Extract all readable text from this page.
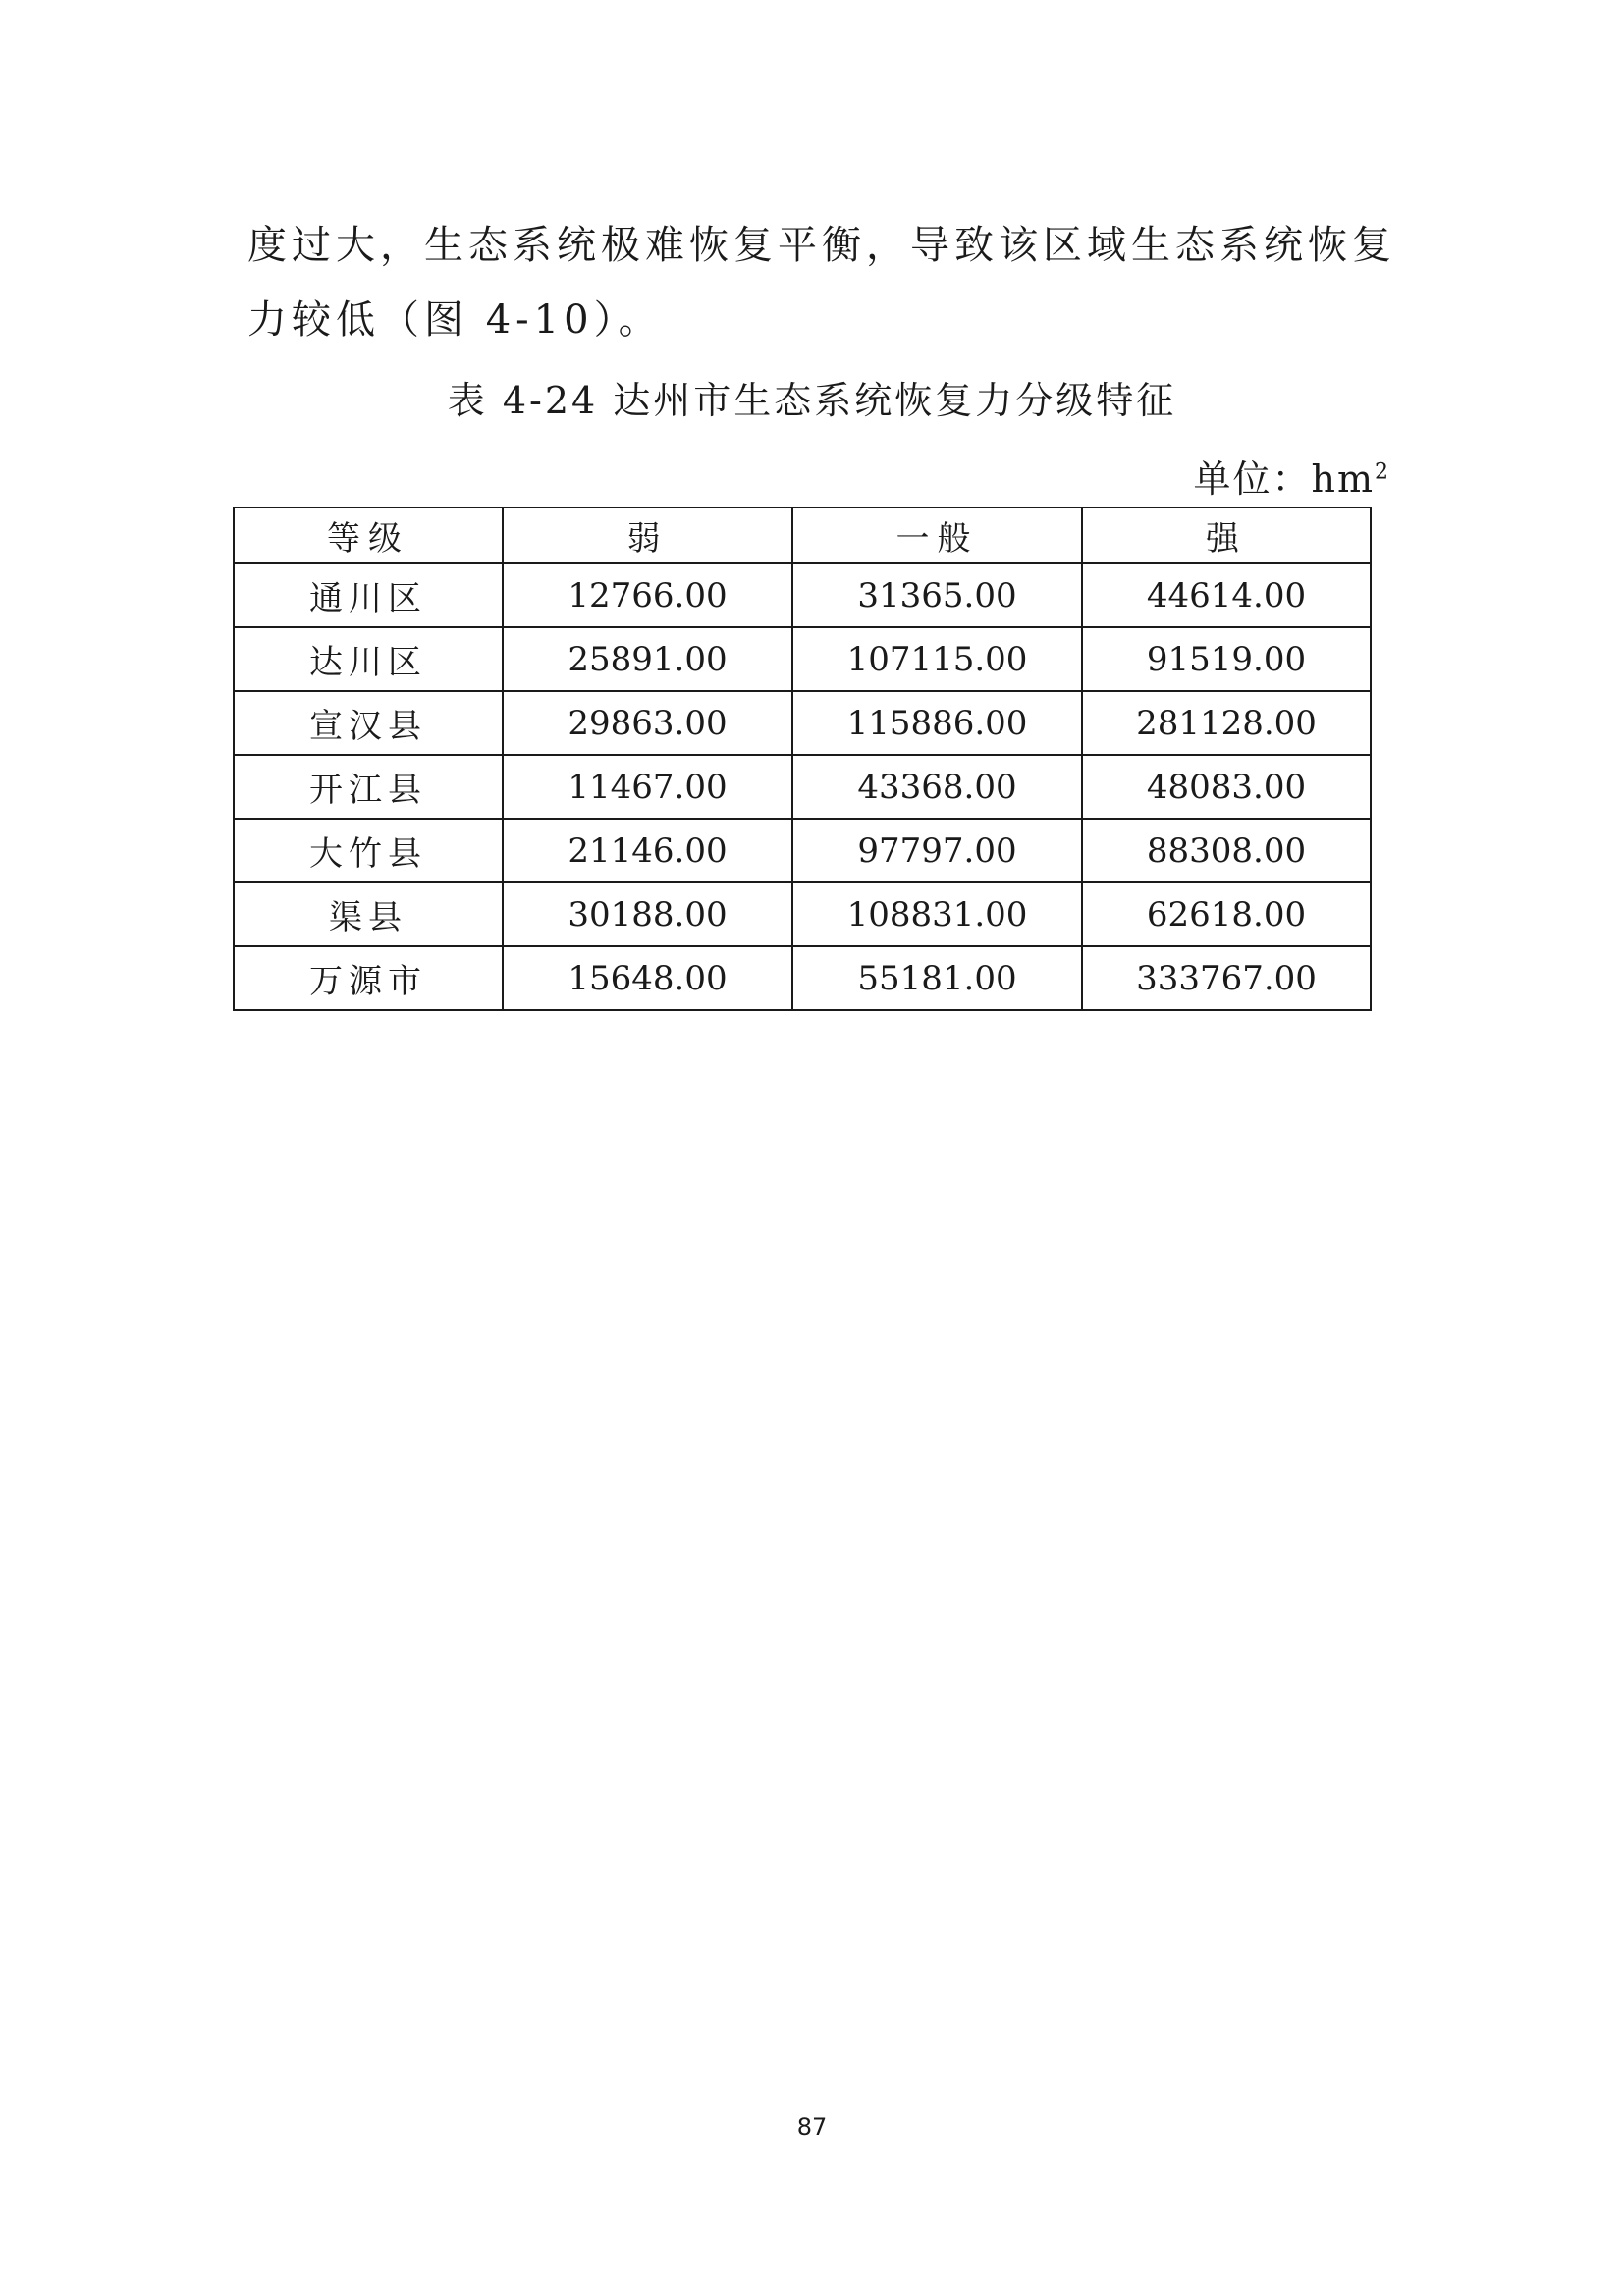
度过大，生态系统极难恢复平衡，导致该区域生态系统恢复
力较低（图 4-10）。
表 4-24 达州市生态系统恢复力分级特征
单位：$hm^2$
等级	弱	一般	强
通川区	12766.00	31365.00	44614.00
达川区	25891.00	107115.00	91519.00
宣汉县	29863.00	115886.00	281128.00
开江县	11467.00	43368.00	48083.00
大竹县	21146.00	97797.00	88308.00
渠县	30188.00	108831.00	62618.00
万源市	15648.00	55181.00	333767.00
87
